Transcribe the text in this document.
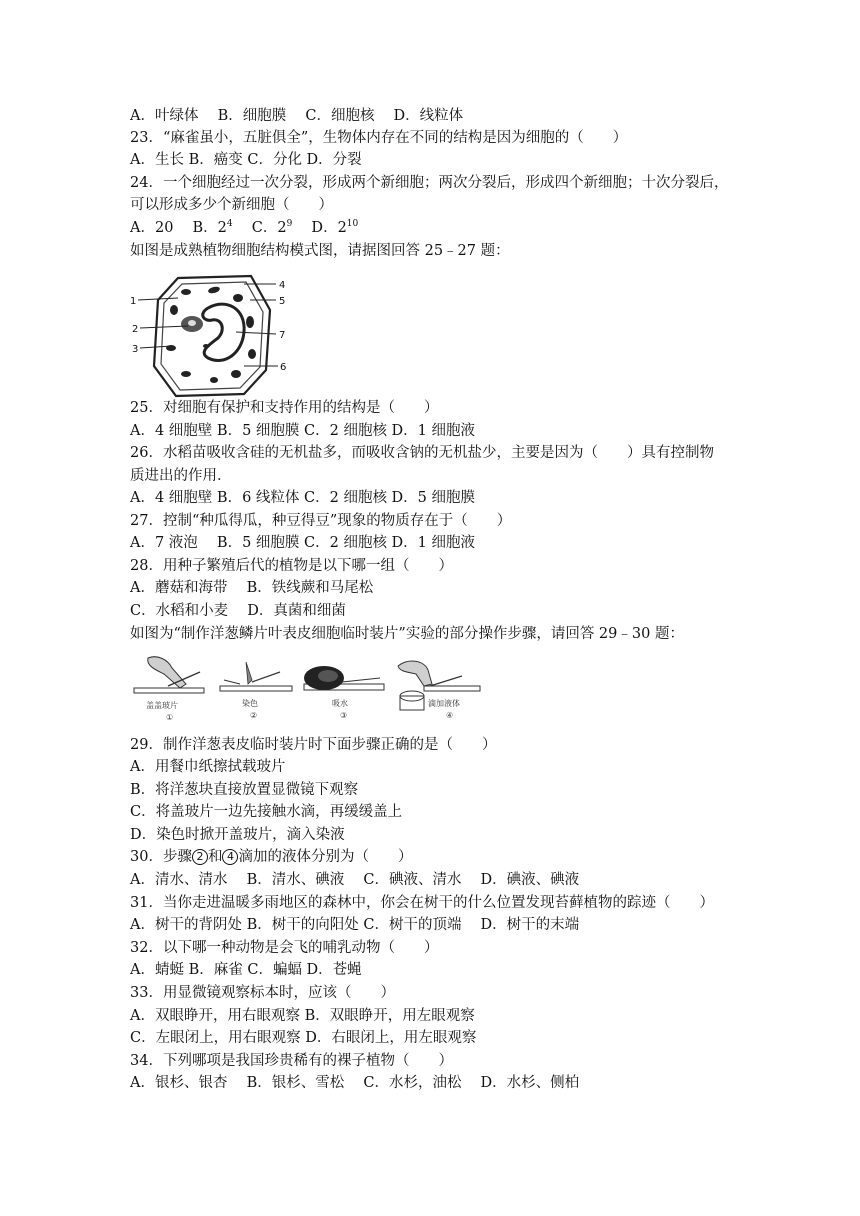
A．叶绿体　 B．细胞膜　 C．细胞核　 D．线粒体
23．“麻雀虽小，五脏俱全”，生物体内存在不同的结构是因为细胞的（　　）
A．生长 B．癌变 C．分化 D．分裂
24．一个细胞经过一次分裂，形成两个新细胞；两次分裂后，形成四个新细胞；十次分裂后，
可以形成多少个新细胞（　　）
A．20　 B．$2^4$　 C．$2^9$　 D．$2^{10}$
如图是成熟植物细胞结构模式图，请据图回答 25﹣27 题：
1
2
3
4
5
7
6
25．对细胞有保护和支持作用的结构是（　　）
A．4 细胞壁 B．5 细胞膜 C．2 细胞核 D．1 细胞液
26．水稻苗吸收含硅的无机盐多，而吸收含钠的无机盐少，主要是因为（　　）具有控制物
质进出的作用．
A．4 细胞壁 B．6 线粒体 C．2 细胞核 D．5 细胞膜
27．控制“种瓜得瓜，种豆得豆”现象的物质存在于（　　）
A．7 液泡　 B．5 细胞膜 C．2 细胞核 D．1 细胞液
28．用种子繁殖后代的植物是以下哪一组（　　）
A．蘑菇和海带　 B．铁线蕨和马尾松
C．水稻和小麦　 D．真菌和细菌
如图为“制作洋葱鳞片叶表皮细胞临时装片”实验的部分操作步骤，请回答 29﹣30 题：
盖盖玻片
①
染色
②
吸水
③
滴加液体
④
29．制作洋葱表皮临时装片时下面步骤正确的是（　　）
A．用餐巾纸擦拭载玻片
B．将洋葱块直接放置显微镜下观察
C．将盖玻片一边先接触水滴，再缓缓盖上
D．染色时掀开盖玻片，滴入染液
30．步骤 2 和 4 滴加的液体分别为（　　）
A．清水、清水　 B．清水、碘液　 C．碘液、清水　 D．碘液、碘液
31．当你走进温暖多雨地区的森林中，你会在树干的什么位置发现苔藓植物的踪迹（　　）
A．树干的背阴处 B．树干的向阳处 C．树干的顶端　 D．树干的末端
32．以下哪一种动物是会飞的哺乳动物（　　）
A．蜻蜓 B．麻雀 C．蝙蝠 D．苍蝇
33．用显微镜观察标本时，应该（　　）
A．双眼睁开，用右眼观察 B．双眼睁开，用左眼观察
C．左眼闭上，用右眼观察 D．右眼闭上，用左眼观察
34．下列哪项是我国珍贵稀有的裸子植物（　　）
A．银杉、银杏　 B．银杉、雪松　 C．水杉，油松　 D．水杉、侧柏
